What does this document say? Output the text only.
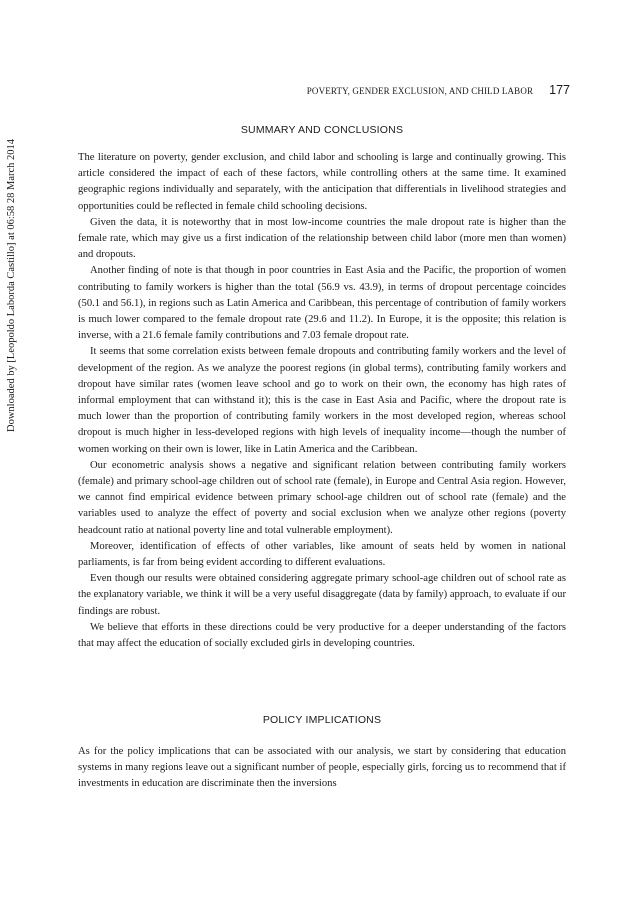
POVERTY, GENDER EXCLUSION, AND CHILD LABOR 177
Downloaded by [Leopoldo Laborda Castillo] at 06:58 28 March 2014
SUMMARY AND CONCLUSIONS

The literature on poverty, gender exclusion, and child labor and schooling is large and continually growing. This article considered the impact of each of these factors, while controlling others at the same time. It examined geographic regions individually and separately, with the anticipation that differentials in livelihood strategies and opportunities could be reflected in female child schooling decisions.

Given the data, it is noteworthy that in most low-income countries the male dropout rate is higher than the female rate, which may give us a first indication of the relationship between child labor (more men than women) and dropouts.

Another finding of note is that though in poor countries in East Asia and the Pacific, the proportion of women contributing to family workers is higher than the total (56.9 vs. 43.9), in terms of dropout percentage coincides (50.1 and 56.1), in regions such as Latin America and Caribbean, this percentage of contribution of family workers is much lower compared to the female dropout rate (29.6 and 11.2). In Europe, it is the opposite; this relation is inverse, with a 21.6 female family contributions and 7.03 female dropout rate.

It seems that some correlation exists between female dropouts and contributing family workers and the level of development of the region. As we analyze the poorest regions (in global terms), contributing family workers and dropout have similar rates (women leave school and go to work on their own, the economy has high rates of informal employment that can withstand it); this is the case in East Asia and Pacific, where the dropout rate is much lower than the proportion of contributing family workers in the most developed region, whereas school dropout is much higher in less-developed regions with high levels of inequality income—though the number of women working on their own is lower, like in Latin America and the Caribbean.

Our econometric analysis shows a negative and significant relation between contributing family workers (female) and primary school-age children out of school rate (female), in Europe and Central Asia region. However, we cannot find empirical evidence between primary school-age children out of school rate (female) and the variables used to analyze the effect of poverty and social exclusion when we analyze other regions (poverty headcount ratio at national poverty line and total vulnerable employment).

Moreover, identification of effects of other variables, like amount of seats held by women in national parliaments, is far from being evident according to different evaluations.

Even though our results were obtained considering aggregate primary school-age children out of school rate as the explanatory variable, we think it will be a very useful disaggregate (data by family) approach, to evaluate if our findings are robust.

We believe that efforts in these directions could be very productive for a deeper understanding of the factors that may affect the education of socially excluded girls in developing countries.

POLICY IMPLICATIONS

As for the policy implications that can be associated with our analysis, we start by considering that education systems in many regions leave out a significant number of people, especially girls, forcing us to recommend that if investments in education are discriminate then the inversions
